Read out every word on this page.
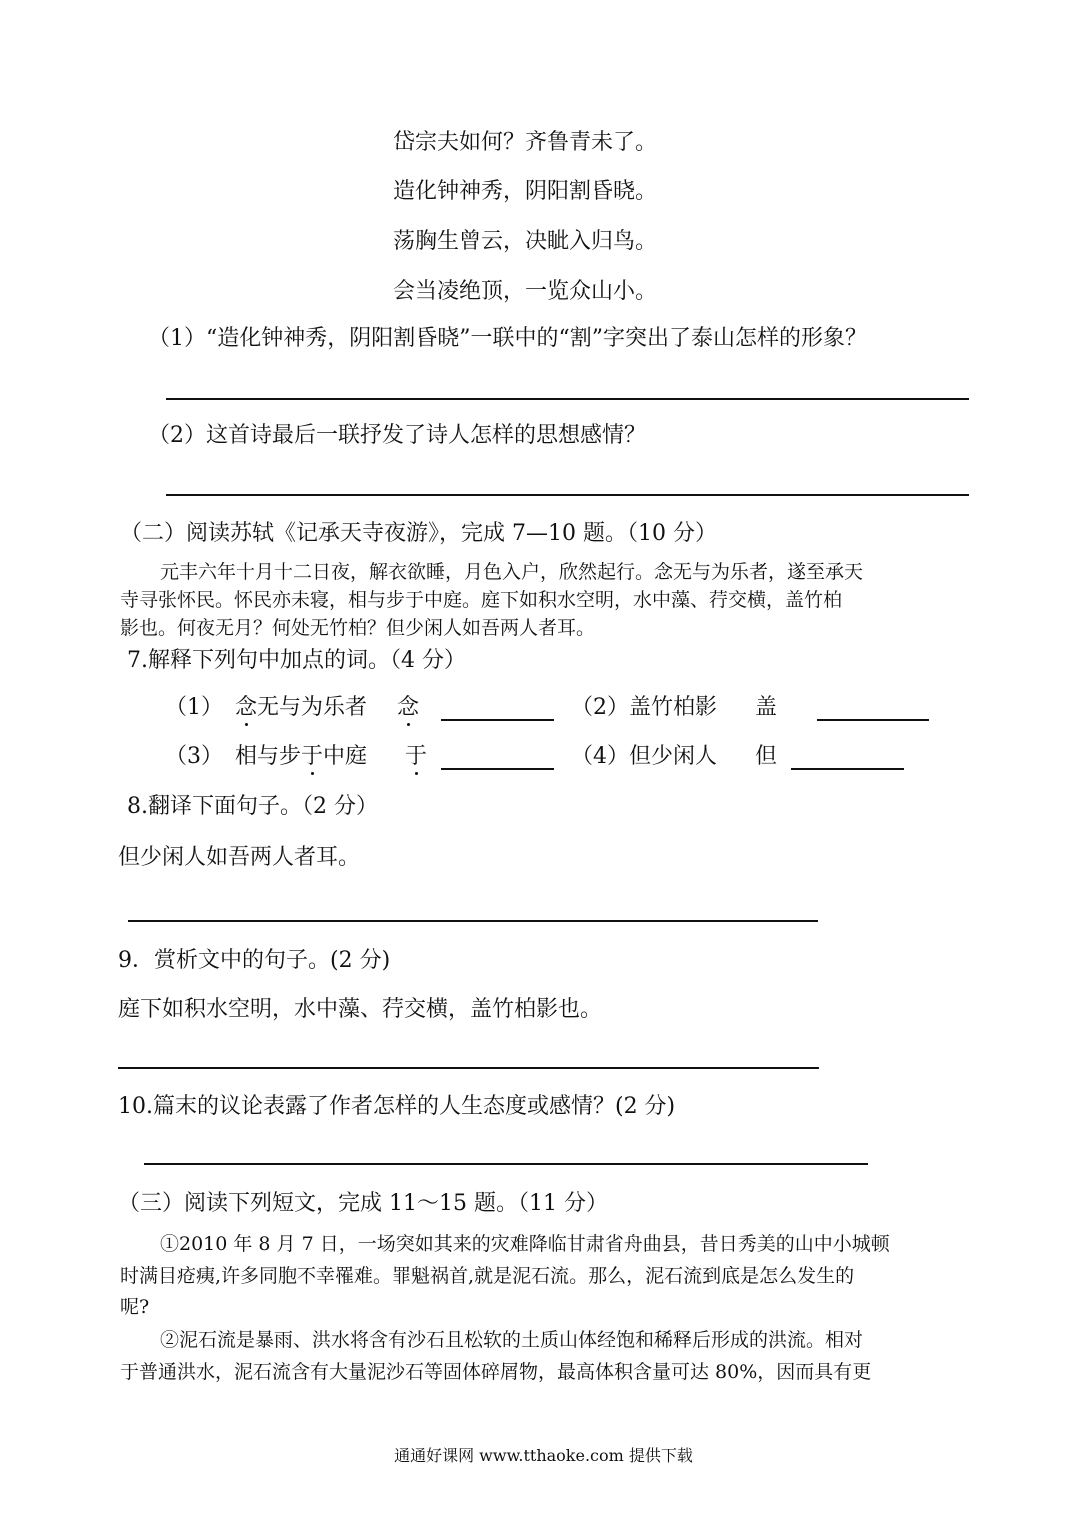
岱宗夫如何？齐鲁青未了。
造化钟神秀，阴阳割昏晓。
荡胸生曾云，决眦入归鸟。
会当凌绝顶，一览众山小。
（1）“造化钟神秀，阴阳割昏晓”一联中的“割”字突出了泰山怎样的形象？
（2）这首诗最后一联抒发了诗人怎样的思想感情？
（二）阅读苏轼《记承天寺夜游》，完成 7—10 题。（10 分）
元丰六年十月十二日夜，解衣欲睡，月色入户，欣然起行。念无与为乐者，遂至承天
寺寻张怀民。怀民亦未寝，相与步于中庭。庭下如积水空明，水中藻、荇交横，盖竹柏
影也。何夜无月？何处无竹柏？但少闲人如吾两人者耳。
7.解释下列句中加点的词。（4 分）
（1） 念无与为乐者 念	（2）盖竹柏影 盖
（3） 相与步于中庭 于	（4）但少闲人 但
8.翻译下面句子。（2 分）
但少闲人如吾两人者耳。
9．赏析文中的句子。(2 分)
庭下如积水空明，水中藻、荇交横，盖竹柏影也。
10.篇末的议论表露了作者怎样的人生态度或感情？(2 分)
（三）阅读下列短文，完成 11～15 题。（11 分）
①2010 年 8 月 7 日，一场突如其来的灾难降临甘肃省舟曲县，昔日秀美的山中小城顿
时满目疮痍,许多同胞不幸罹难。罪魁祸首,就是泥石流。那么，泥石流到底是怎么发生的
呢?
②泥石流是暴雨、洪水将含有沙石且松软的土质山体经饱和稀释后形成的洪流。相对
于普通洪水，泥石流含有大量泥沙石等固体碎屑物，最高体积含量可达 80%，因而具有更
通通好课网 www.tthaoke.com 提供下载
